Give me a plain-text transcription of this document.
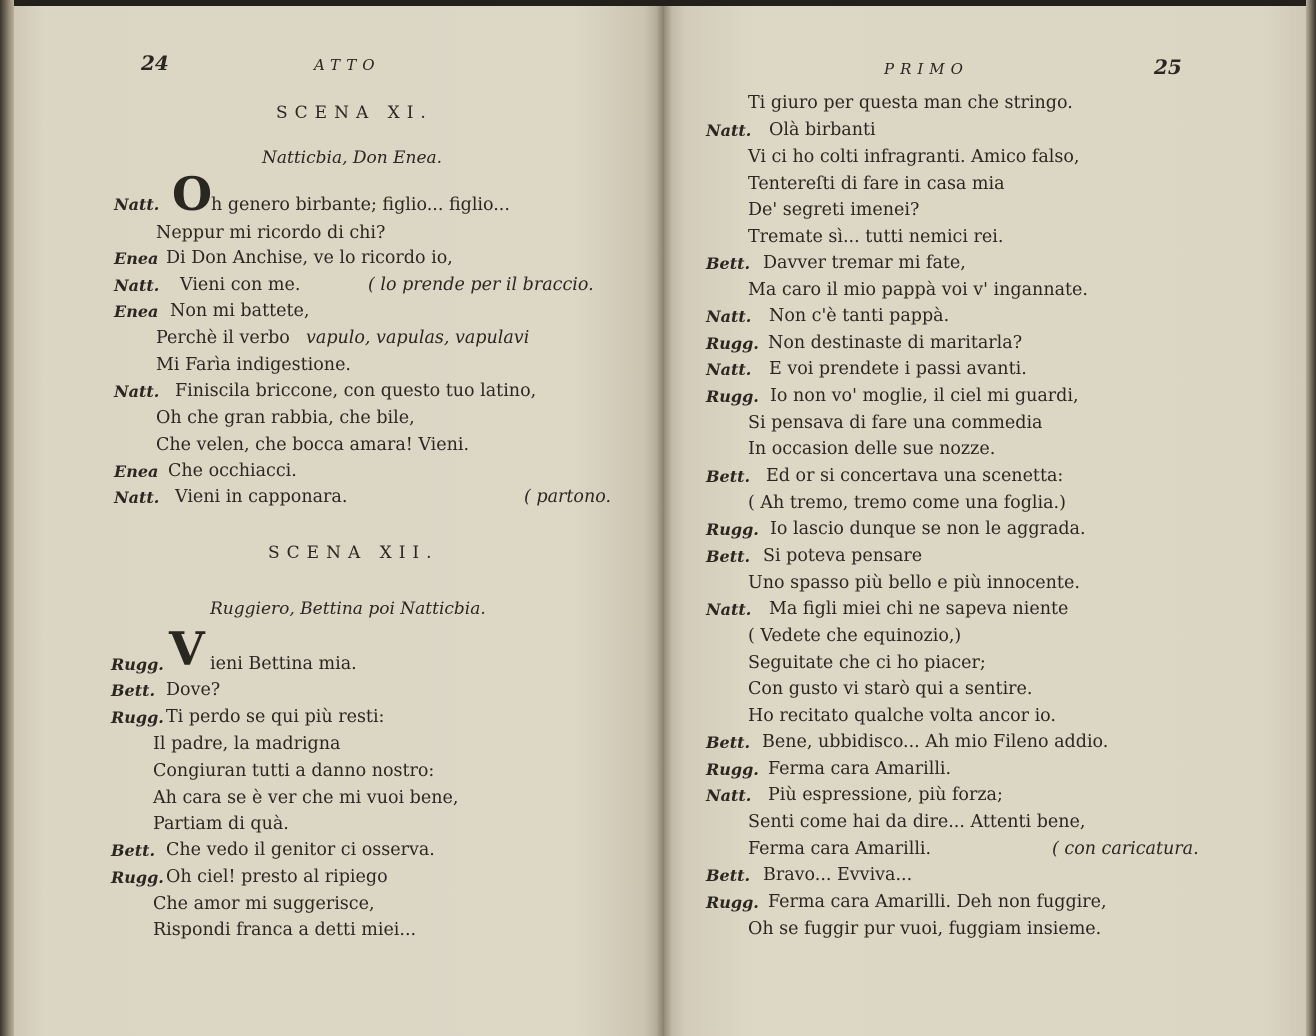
24	ATTO
SCENA XI.
Natticbia, Don Enea.
Natt. O
h genero birbante; figlio... figlio...
Neppur mi ricordo di chi?
Enea Di Don Anchise, ve lo ricordo io,
Natt. Vieni con me.	( lo prende per il braccio.
Enea Non mi battete,
Perchè il verbo vapulo, vapulas, vapulavi
Mi Farìa indigestione.
Natt. Finiscila briccone, con questo tuo latino,
Oh che gran rabbia, che bile,
Che velen, che bocca amara! Vieni.
Enea Che occhiacci.
Natt. Vieni in capponara.	( partono.
SCENA XII.
Ruggiero, Bettina poi Natticbia.
Rugg. V ieni Bettina mia.
Bett. Dove?
Rugg. Ti perdo se qui più resti:
Il padre, la madrigna
Congiuran tutti a danno nostro:
Ah cara se è ver che mi vuoi bene,
Partiam di quà.
Bett. Che vedo il genitor ci osserva.
Rugg. Oh ciel! presto al ripiego
Che amor mi suggerisce,
Rispondi franca a detti miei...
PRIMO	25
Ti giuro per questa man che stringo.
Natt. Olà birbanti
Vi ci ho colti infragranti. Amico falso,
Tentereſti di fare in casa mia
De' segreti imenei?
Tremate sì... tutti nemici rei.
Bett. Davver tremar mi fate,
Ma caro il mio pappà voi v' ingannate.
Natt. Non c'è tanti pappà.
Rugg. Non destinaste di maritarla?
Natt. E voi prendete i passi avanti.
Rugg. Io non vo' moglie, il ciel mi guardi,
Si pensava di fare una commedia
In occasion delle sue nozze.
Bett. Ed or si concertava una scenetta:
( Ah tremo, tremo come una foglia.)
Rugg. Io lascio dunque se non le aggrada.
Bett. Si poteva pensare
Uno spasso più bello e più innocente.
Natt. Ma figli miei chi ne sapeva niente
( Vedete che equinozio,)
Seguitate che ci ho piacer;
Con gusto vi starò qui a sentire.
Ho recitato qualche volta ancor io.
Bett. Bene, ubbidisco... Ah mio Fileno addio.
Rugg. Ferma cara Amarilli.
Natt. Più espressione, più forza;
Senti come hai da dire... Attenti bene,
Ferma cara Amarilli.	( con caricatura.
Bett. Bravo... Evviva...
Rugg. Ferma cara Amarilli. Deh non fuggire,
Oh se fuggir pur vuoi, fuggiam insieme.
